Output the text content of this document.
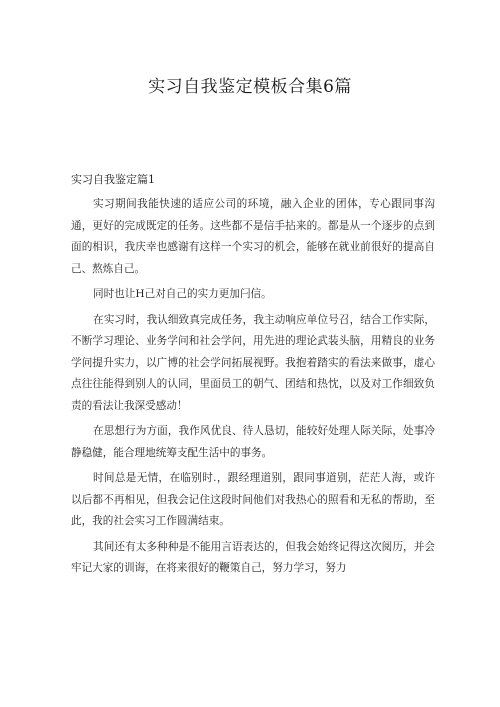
实习自我鉴定模板合集6篇
实习自我鉴定篇1

实习期间我能快速的适应公司的环境，融入企业的团体，专心跟同事沟通，更好的完成既定的任务。这些都不是信手拈来的。都是从一个逐步的点到面的相识，我庆幸也感谢有这样一个实习的机会，能够在就业前很好的提高自己、熬炼自己。

同时也让H己对自己的实力更加闩信。

在实习时，我认细致真完成任务，我主动响应单位号召，结合工作实际，不断学习理论、业务学问和社会学问，用先进的理论武装头脑，用精良的业务学问提升实力，以广博的社会学问拓展视野。我抱着踏实的看法来做事，虚心点往往能得到别人的认同，里面员工的朝气、团结和热忱，以及对工作细致负责的看法让我深受感动！

在思想行为方面，我作风优良、待人恳切，能较好处理人际关际，处事冷静稳健，能合理地统筹支配生活中的事务。

时间总是无情，在临别时.，跟经理道别，跟同事道别，茫茫人海，或许以后都不再相见，但我会记住这段时间他们对我热心的照看和无私的帮助，至此，我的社会实习工作圆满结束。

其间还有太多种种是不能用言语表达的，但我会始终记得这次阅历，并会牢记大家的训诲，在将来很好的鞭策自己，努力学习，努力
